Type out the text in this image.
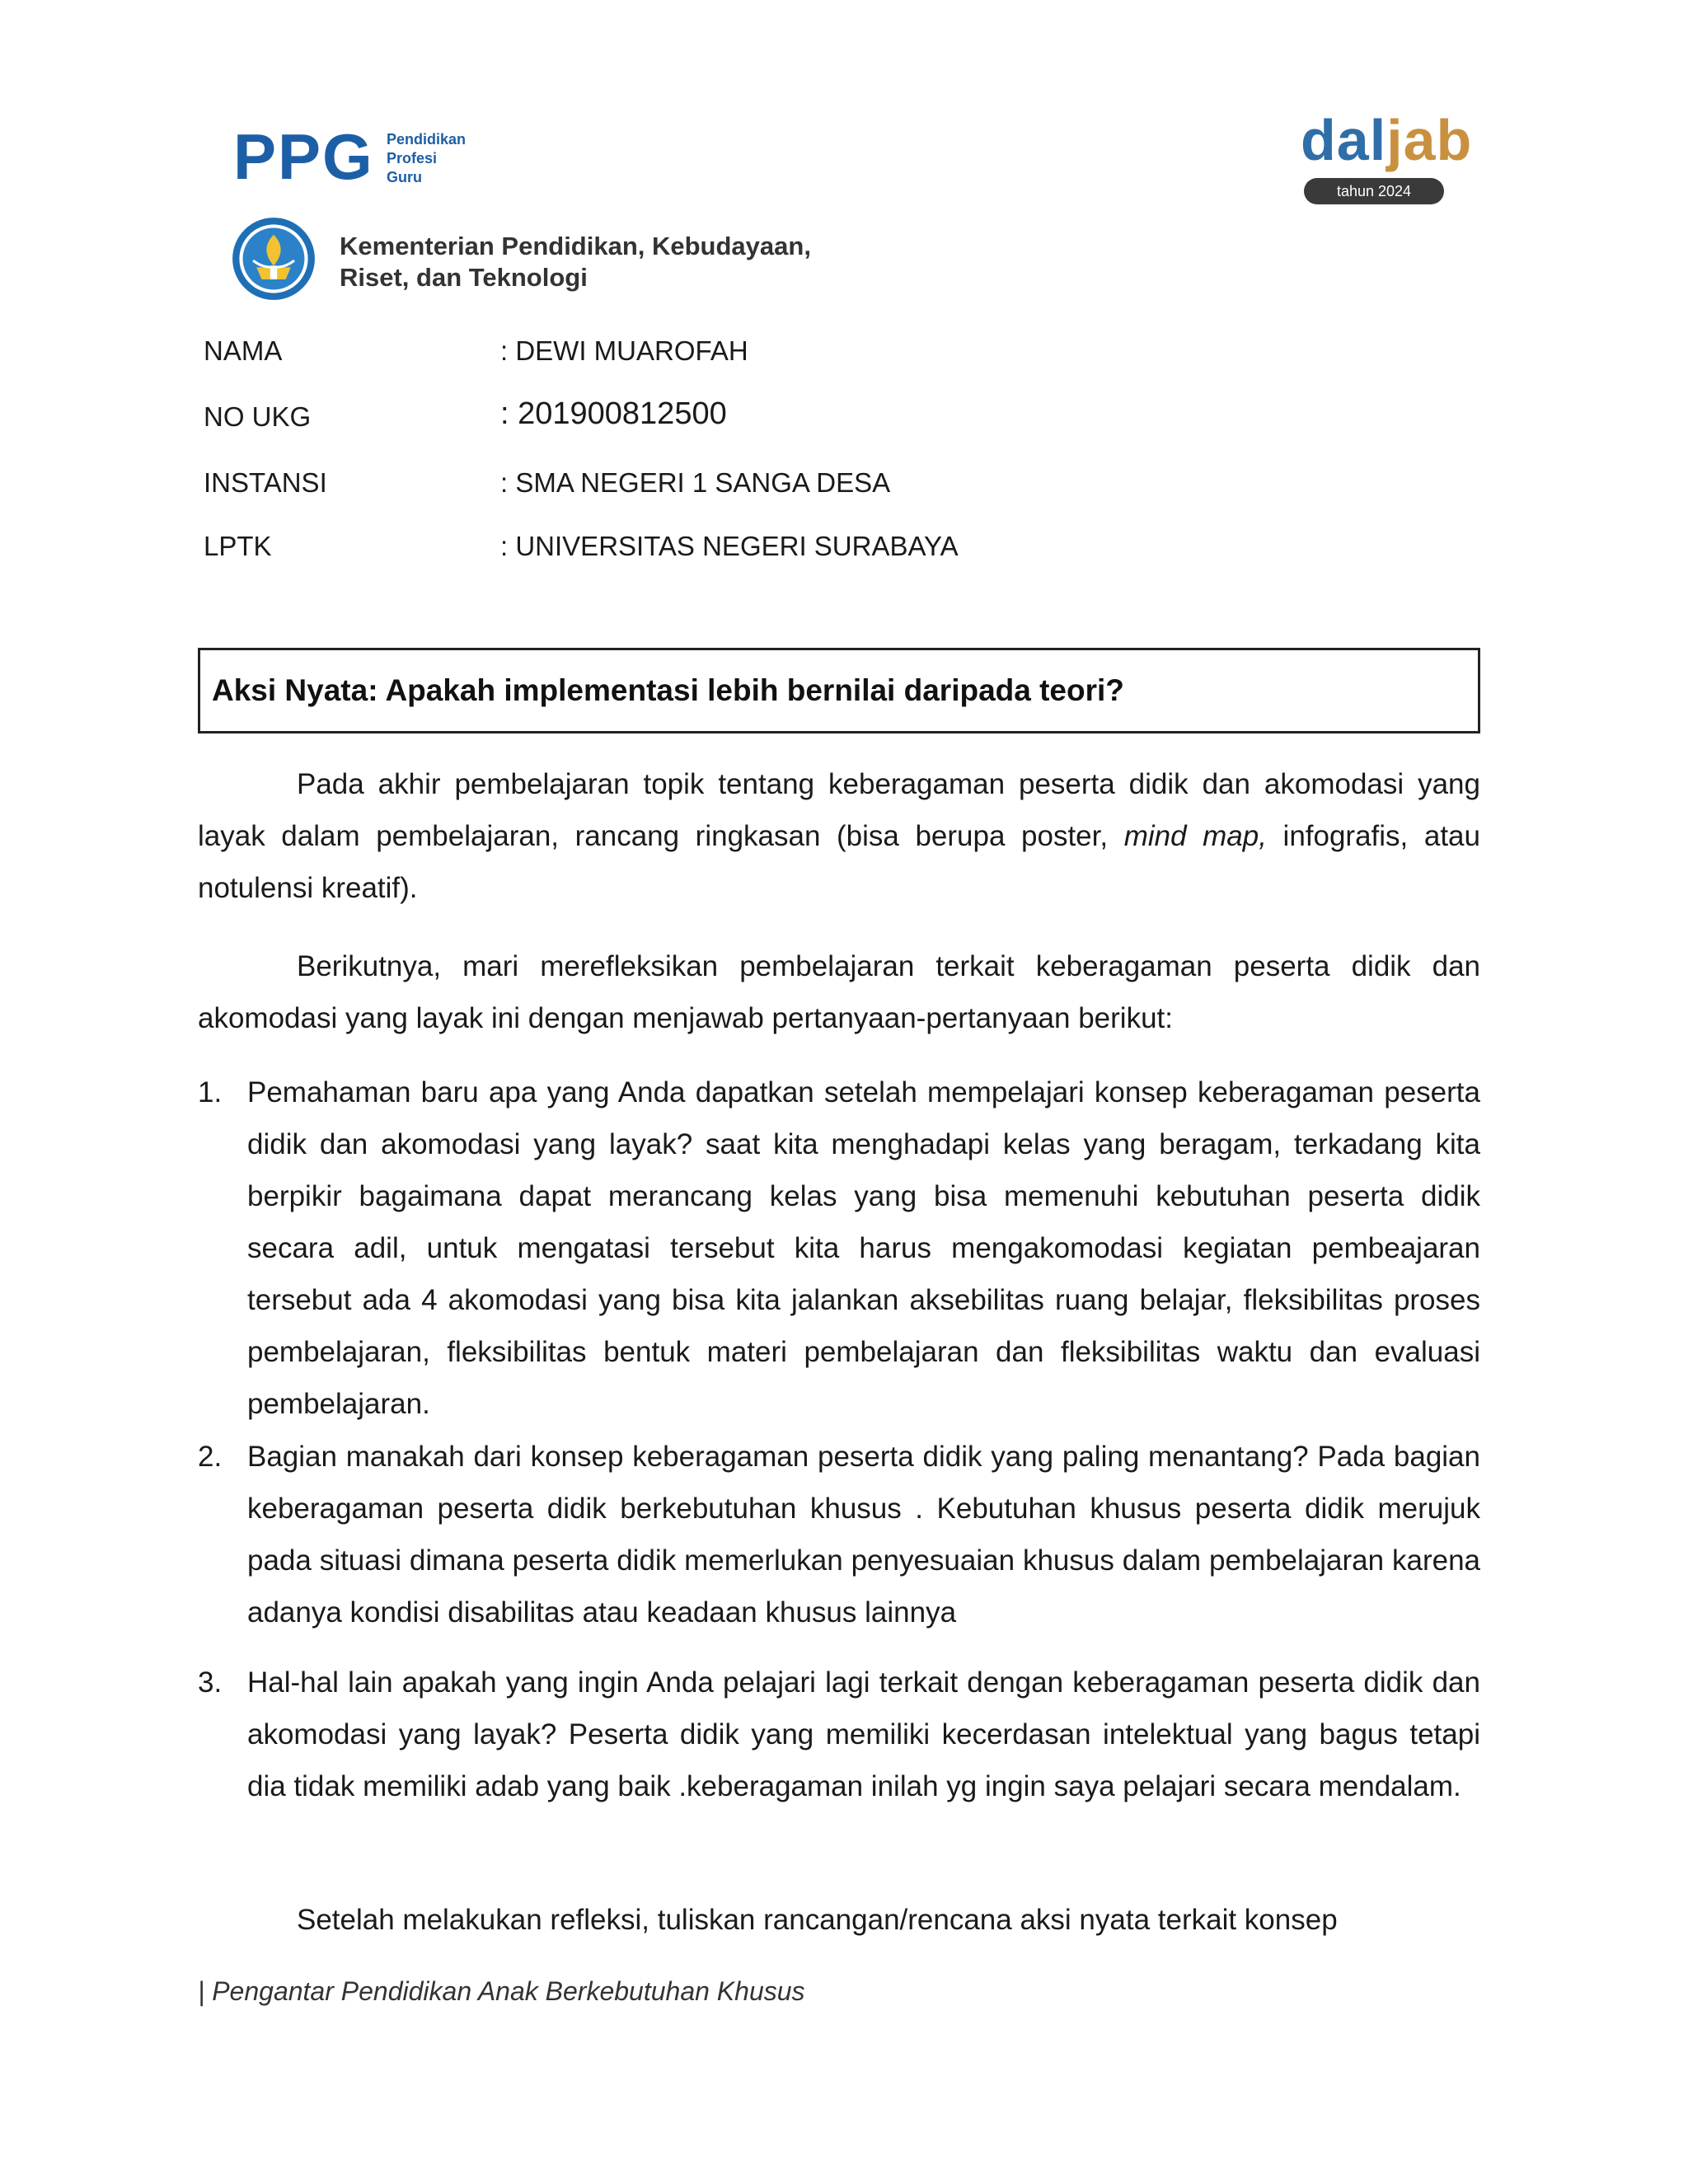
PPG Pendidikan
Profesi
Guru
Kementerian Pendidikan, Kebudayaan,
Riset, dan Teknologi
daljab
tahun 2024
NAMA	: DEWI MUAROFAH
NO UKG	: 201900812500
INSTANSI	: SMA NEGERI 1 SANGA DESA
LPTK	: UNIVERSITAS NEGERI SURABAYA
Aksi Nyata: Apakah implementasi lebih bernilai daripada teori?
Pada akhir pembelajaran topik tentang keberagaman peserta didik dan akomodasi yang layak dalam pembelajaran, rancang ringkasan (bisa berupa poster, mind map, infografis, atau notulensi kreatif).
Berikutnya, mari merefleksikan pembelajaran terkait keberagaman peserta didik dan akomodasi yang layak ini dengan menjawab pertanyaan-pertanyaan berikut:
1. Pemahaman baru apa yang Anda dapatkan setelah mempelajari konsep keberagaman peserta didik dan akomodasi yang layak? saat kita menghadapi kelas yang beragam, terkadang kita berpikir bagaimana dapat merancang kelas yang bisa memenuhi kebutuhan peserta didik secara adil, untuk mengatasi tersebut kita harus mengakomodasi kegiatan pembeajaran tersebut ada 4 akomodasi yang bisa kita jalankan aksebilitas ruang belajar, fleksibilitas proses pembelajaran, fleksibilitas bentuk materi pembelajaran dan fleksibilitas waktu dan evaluasi pembelajaran.
2. Bagian manakah dari konsep keberagaman peserta didik yang paling menantang? Pada bagian keberagaman peserta didik berkebutuhan khusus . Kebutuhan khusus peserta didik merujuk pada situasi dimana peserta didik memerlukan penyesuaian khusus dalam pembelajaran karena adanya kondisi disabilitas atau keadaan khusus lainnya
3. Hal-hal lain apakah yang ingin Anda pelajari lagi terkait dengan keberagaman peserta didik dan akomodasi yang layak? Peserta didik yang memiliki kecerdasan intelektual yang bagus tetapi dia tidak memiliki adab yang baik .keberagaman inilah yg ingin saya pelajari secara mendalam.
Setelah melakukan refleksi, tuliskan rancangan/rencana aksi nyata terkait konsep
| Pengantar Pendidikan Anak Berkebutuhan Khusus
